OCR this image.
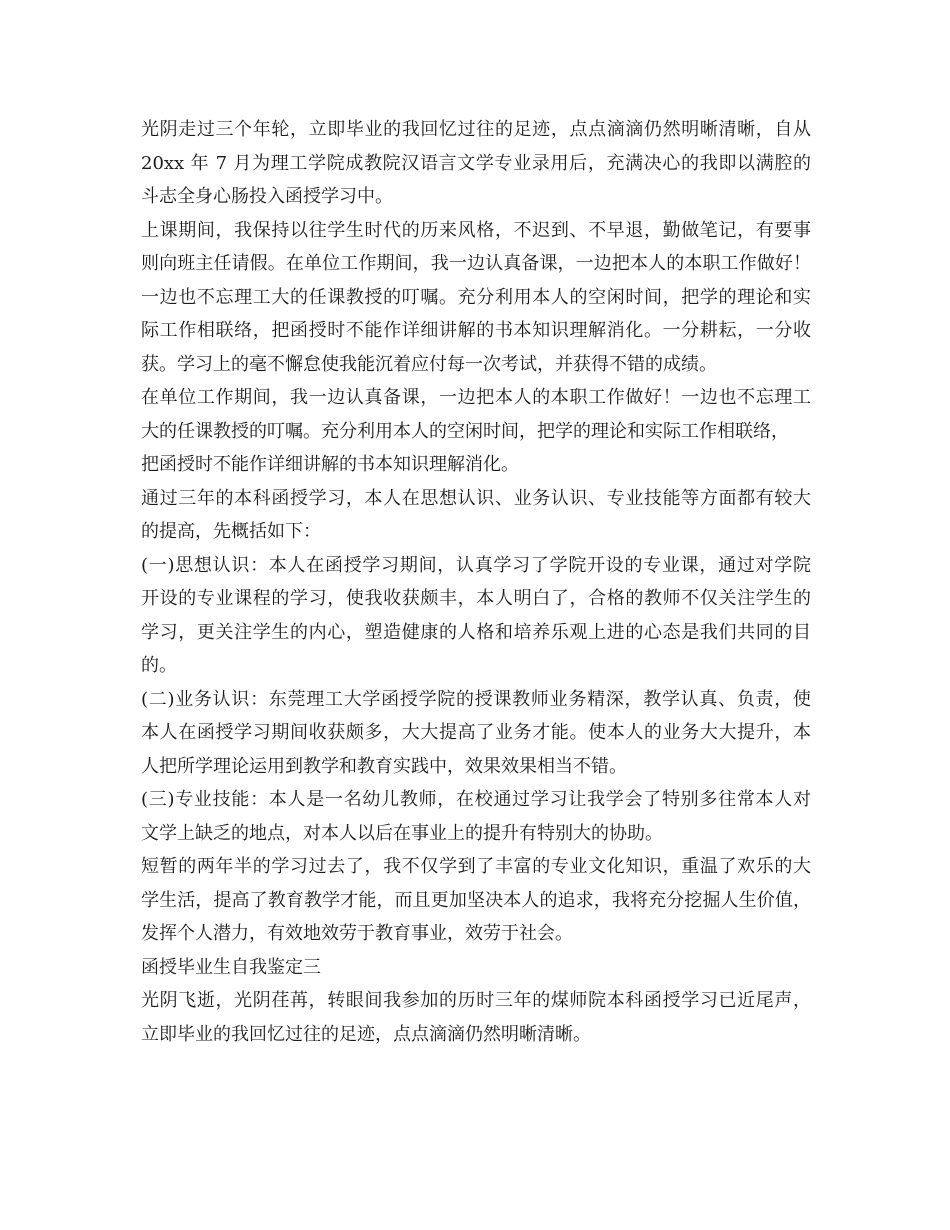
光阴走过三个年轮，立即毕业的我回忆过往的足迹，点点滴滴仍然明晰清晰，自从
20xx 年 7 月为理工学院成教院汉语言文学专业录用后，充满决心的我即以满腔的
斗志全身心肠投入函授学习中。
上课期间，我保持以往学生时代的历来风格，不迟到、不早退，勤做笔记，有要事
则向班主任请假。在单位工作期间，我一边认真备课，一边把本人的本职工作做好！
一边也不忘理工大的任课教授的叮嘱。充分利用本人的空闲时间，把学的理论和实
际工作相联络，把函授时不能作详细讲解的书本知识理解消化。一分耕耘，一分收
获。学习上的毫不懈怠使我能沉着应付每一次考试，并获得不错的成绩。
在单位工作期间，我一边认真备课，一边把本人的本职工作做好！一边也不忘理工
大的任课教授的叮嘱。充分利用本人的空闲时间，把学的理论和实际工作相联络，
把函授时不能作详细讲解的书本知识理解消化。
通过三年的本科函授学习，本人在思想认识、业务认识、专业技能等方面都有较大
的提高，先概括如下：
(一)思想认识：本人在函授学习期间，认真学习了学院开设的专业课，通过对学院
开设的专业课程的学习，使我收获颇丰，本人明白了，合格的教师不仅关注学生的
学习，更关注学生的内心，塑造健康的人格和培养乐观上进的心态是我们共同的目
的。
(二)业务认识：东莞理工大学函授学院的授课教师业务精深，教学认真、负责，使
本人在函授学习期间收获颇多，大大提高了业务才能。使本人的业务大大提升，本
人把所学理论运用到教学和教育实践中，效果效果相当不错。
(三)专业技能：本人是一名幼儿教师，在校通过学习让我学会了特别多往常本人对
文学上缺乏的地点，对本人以后在事业上的提升有特别大的协助。
短暂的两年半的学习过去了，我不仅学到了丰富的专业文化知识，重温了欢乐的大
学生活，提高了教育教学才能，而且更加坚决本人的追求，我将充分挖掘人生价值，
发挥个人潜力，有效地效劳于教育事业，效劳于社会。
函授毕业生自我鉴定三
光阴飞逝，光阴荏苒，转眼间我参加的历时三年的煤师院本科函授学习已近尾声，
立即毕业的我回忆过往的足迹，点点滴滴仍然明晰清晰。
